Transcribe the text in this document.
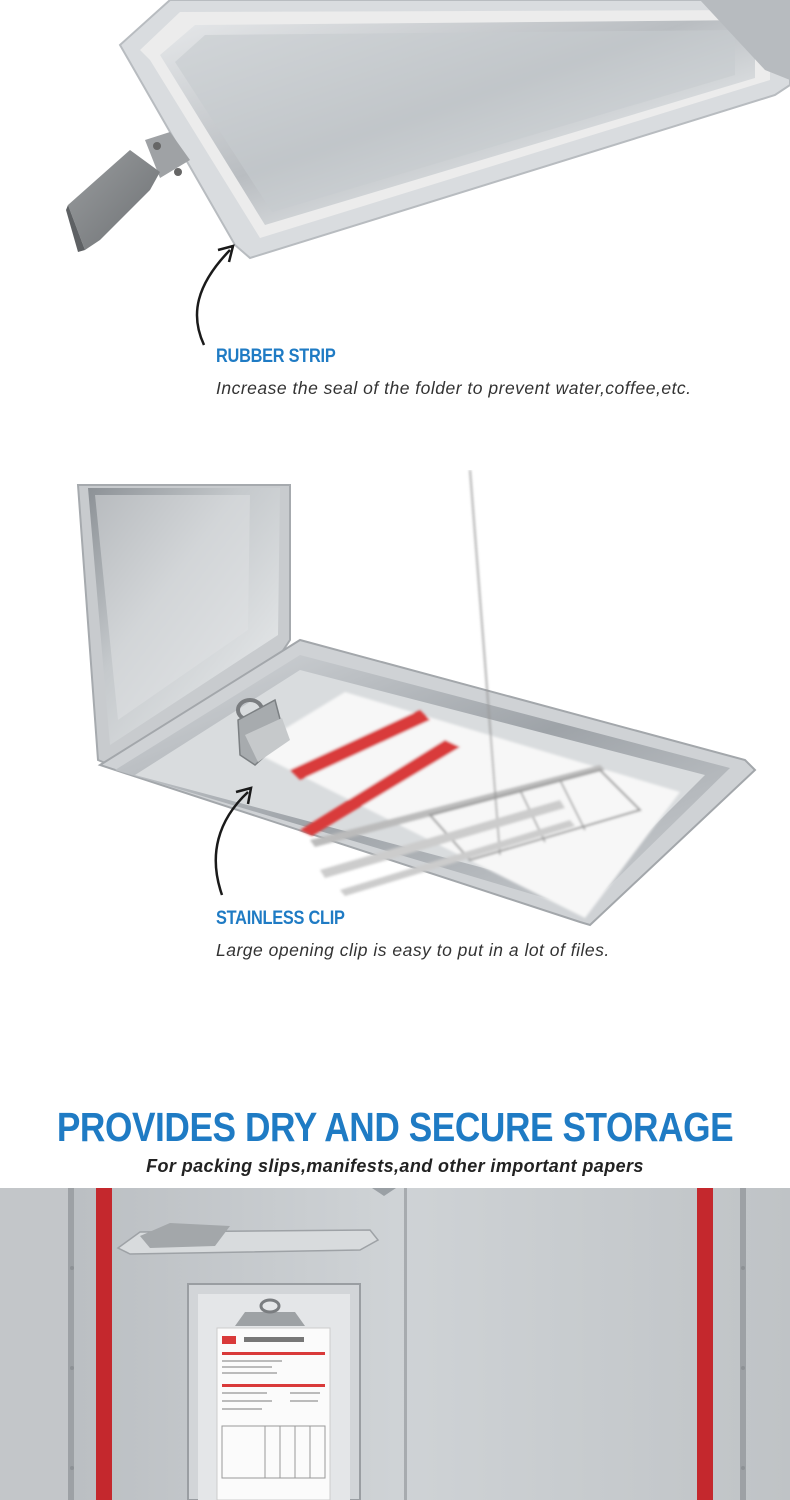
RUBBER STRIP
Increase the seal of the folder to prevent water,coffee,etc.
STAINLESS CLIP
Large opening clip is easy to put in a lot of files.
PROVIDES DRY AND SECURE STORAGE
For packing slips,manifests,and other important papers
